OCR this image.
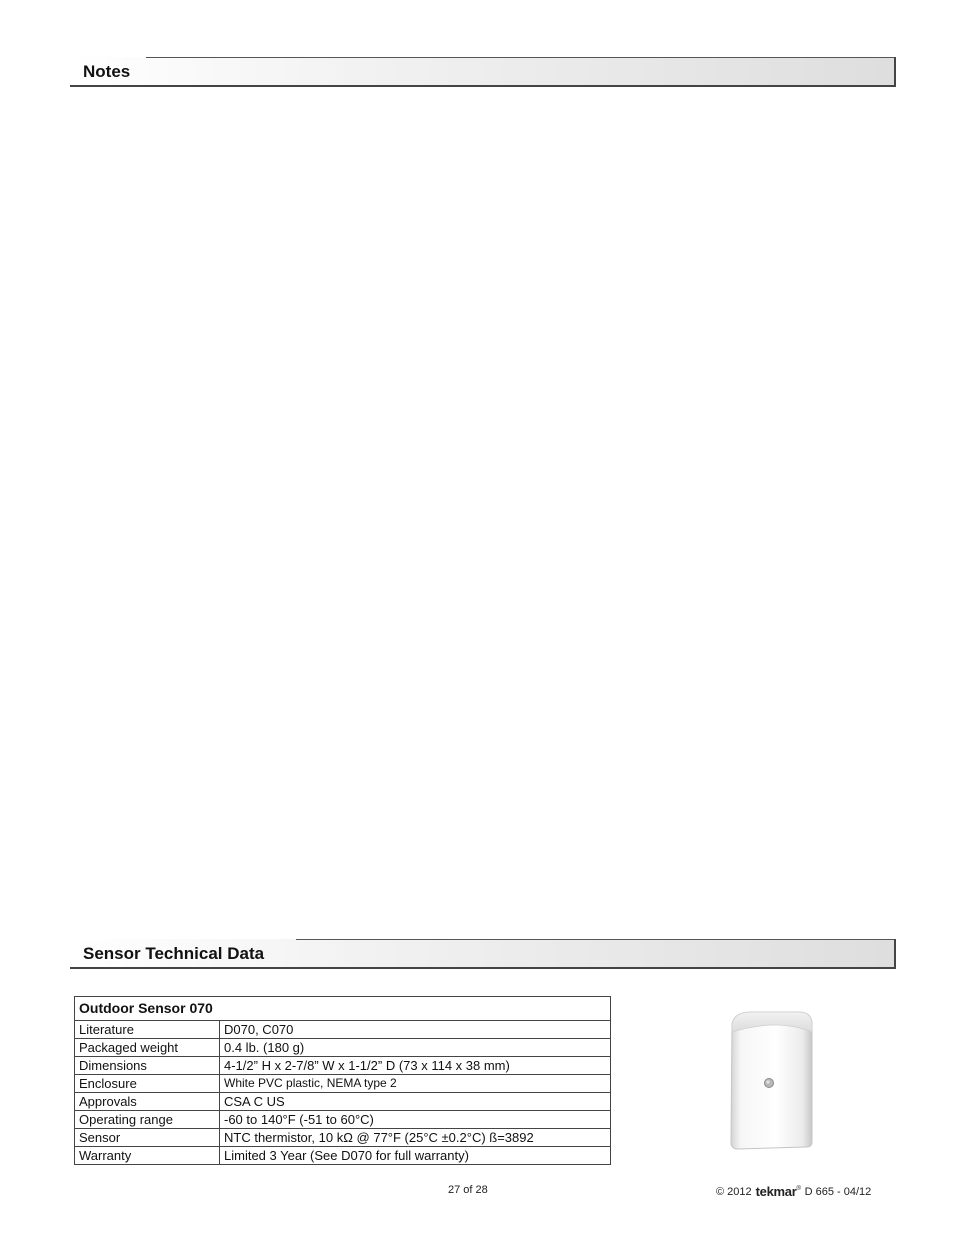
Notes
Sensor Technical Data
Outdoor Sensor 070	
Literature	D070, C070
Packaged weight	0.4 lb. (180 g)
Dimensions	4-1/2” H x 2-7/8” W x 1-1/2” D (73 x 114 x 38 mm)
Enclosure	White PVC plastic, NEMA type 2
Approvals	CSA C US
Operating range	-60 to 140°F (-51 to 60°C)
Sensor	NTC thermistor, 10 kΩ @ 77°F (25°C ±0.2°C) ß=3892
Warranty	Limited 3 Year (See D070 for full warranty)
27 of 28	© 2012 tekmar® D 665 - 04/12
